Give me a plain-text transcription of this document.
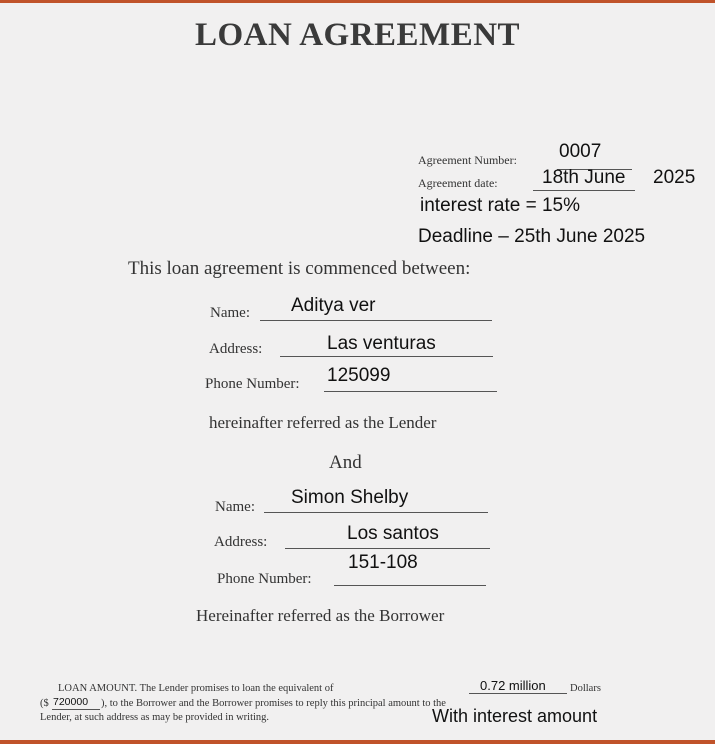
LOAN AGREEMENT
Agreement Number: 0007
Agreement date: 18th June 2025
interest rate = 15%
Deadline – 25th June 2025
This loan agreement is commenced between:
Name: Aditya ver
Address:	Las venturas
Phone Number: 125099
hereinafter referred as the Lender
And
Name: Simon Shelby
Address:	Los santos
Phone Number:
151-108
Hereinafter referred as the Borrower
LOAN AMOUNT. The Lender promises to loan the equivalent of	0.72 million Dollars
($ 720000 ), to the Borrower and the Borrower promises to reply this principal amount to the
Lender, at such address as may be provided in writing.	With interest amount
